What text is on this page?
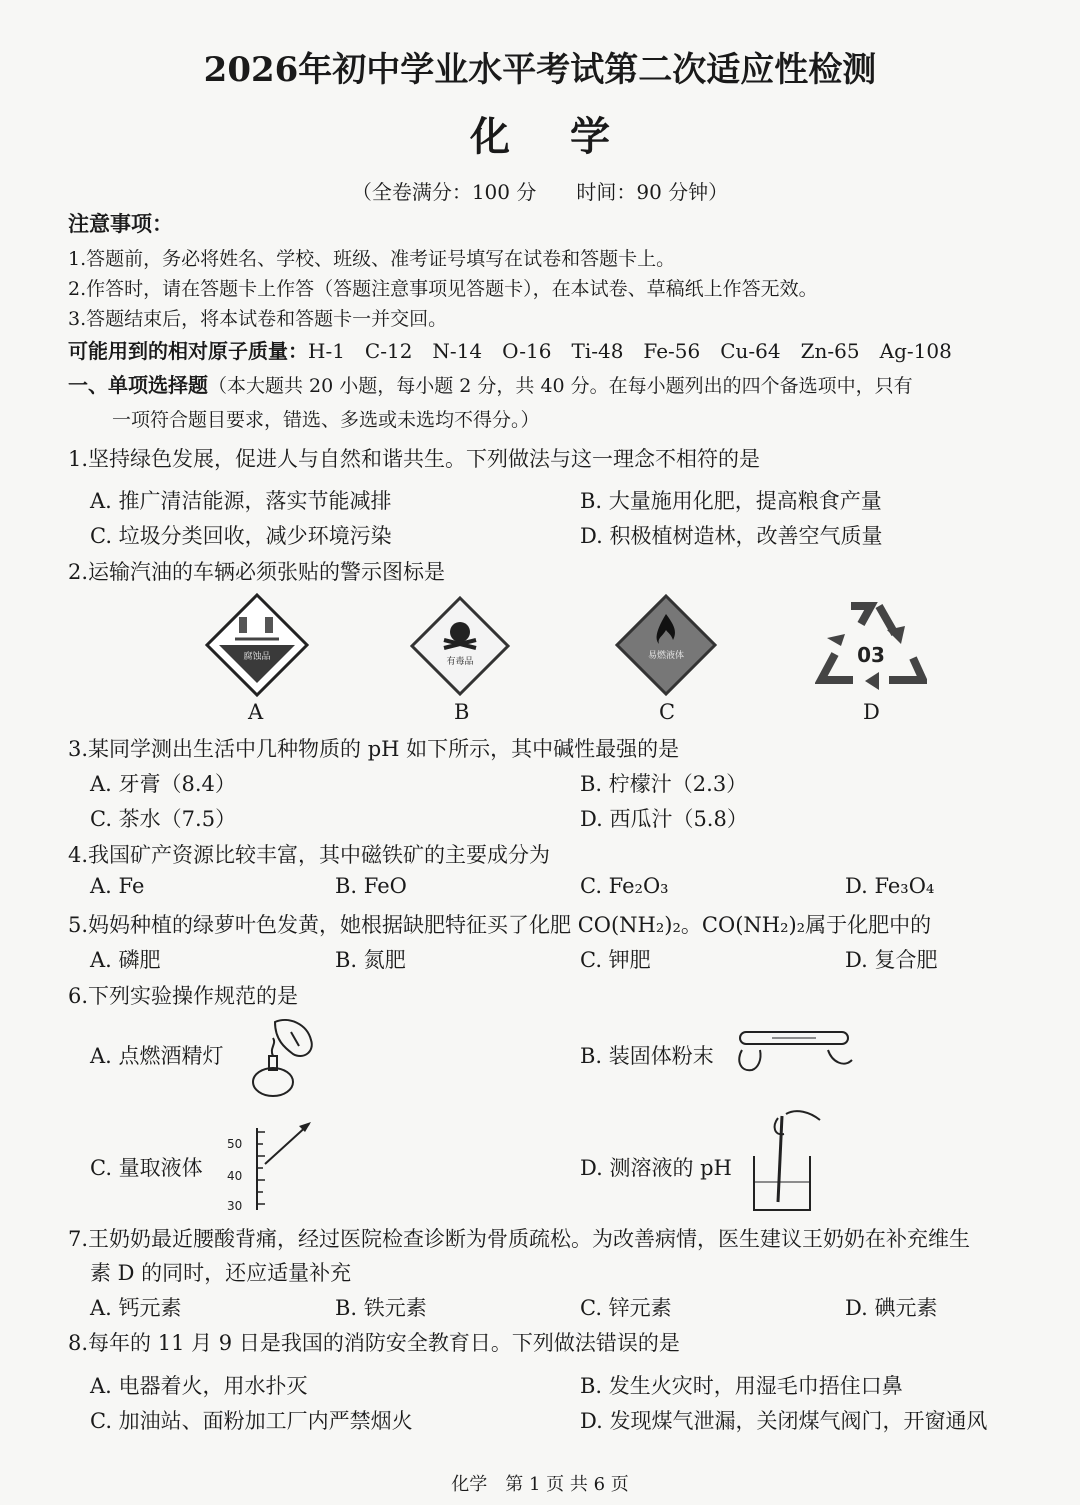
2026年初中学业水平考试第二次适应性检测
化学
（全卷满分：100 分　　时间：90 分钟）
注意事项：
1.答题前，务必将姓名、学校、班级、准考证号填写在试卷和答题卡上。
2.作答时，请在答题卡上作答（答题注意事项见答题卡），在本试卷、草稿纸上作答无效。
3.答题结束后，将本试卷和答题卡一并交回。
可能用到的相对原子质量：H-1　C-12　N-14　O-16　Ti-48　Fe-56　Cu-64　Zn-65　Ag-108
一、单项选择题（本大题共 20 小题，每小题 2 分，共 40 分。在每小题列出的四个备选项中，只有
一项符合题目要求，错选、多选或未选均不得分。）
1.坚持绿色发展，促进人与自然和谐共生。下列做法与这一理念不相符的是
A. 推广清洁能源，落实节能减排	B. 大量施用化肥，提高粮食产量
C. 垃圾分类回收，减少环境污染	D. 积极植树造林，改善空气质量
2.运输汽油的车辆必须张贴的警示图标是
腐蚀品	有毒品
易燃液体	03
A	B	C	D
3.某同学测出生活中几种物质的 pH 如下所示，其中碱性最强的是
A. 牙膏（8.4）	B. 柠檬汁（2.3）
C. 茶水（7.5）	D. 西瓜汁（5.8）
4.我国矿产资源比较丰富，其中磁铁矿的主要成分为
A. Fe	B. FeO	C. Fe₂O₃	D. Fe₃O₄
5.妈妈种植的绿萝叶色发黄，她根据缺肥特征买了化肥 CO(NH₂)₂。CO(NH₂)₂属于化肥中的
A. 磷肥	B. 氮肥	C. 钾肥	D. 复合肥
6.下列实验操作规范的是
A. 点燃酒精灯	B. 装固体粉末
C. 量取液体
50
40
30
D. 测溶液的 pH
7.王奶奶最近腰酸背痛，经过医院检查诊断为骨质疏松。为改善病情，医生建议王奶奶在补充维生
素 D 的同时，还应适量补充
A. 钙元素	B. 铁元素	C. 锌元素	D. 碘元素
8.每年的 11 月 9 日是我国的消防安全教育日。下列做法错误的是
A. 电器着火，用水扑灭	B. 发生火灾时，用湿毛巾捂住口鼻
C. 加油站、面粉加工厂内严禁烟火	D. 发现煤气泄漏，关闭煤气阀门，开窗通风
化学　第 1 页 共 6 页
